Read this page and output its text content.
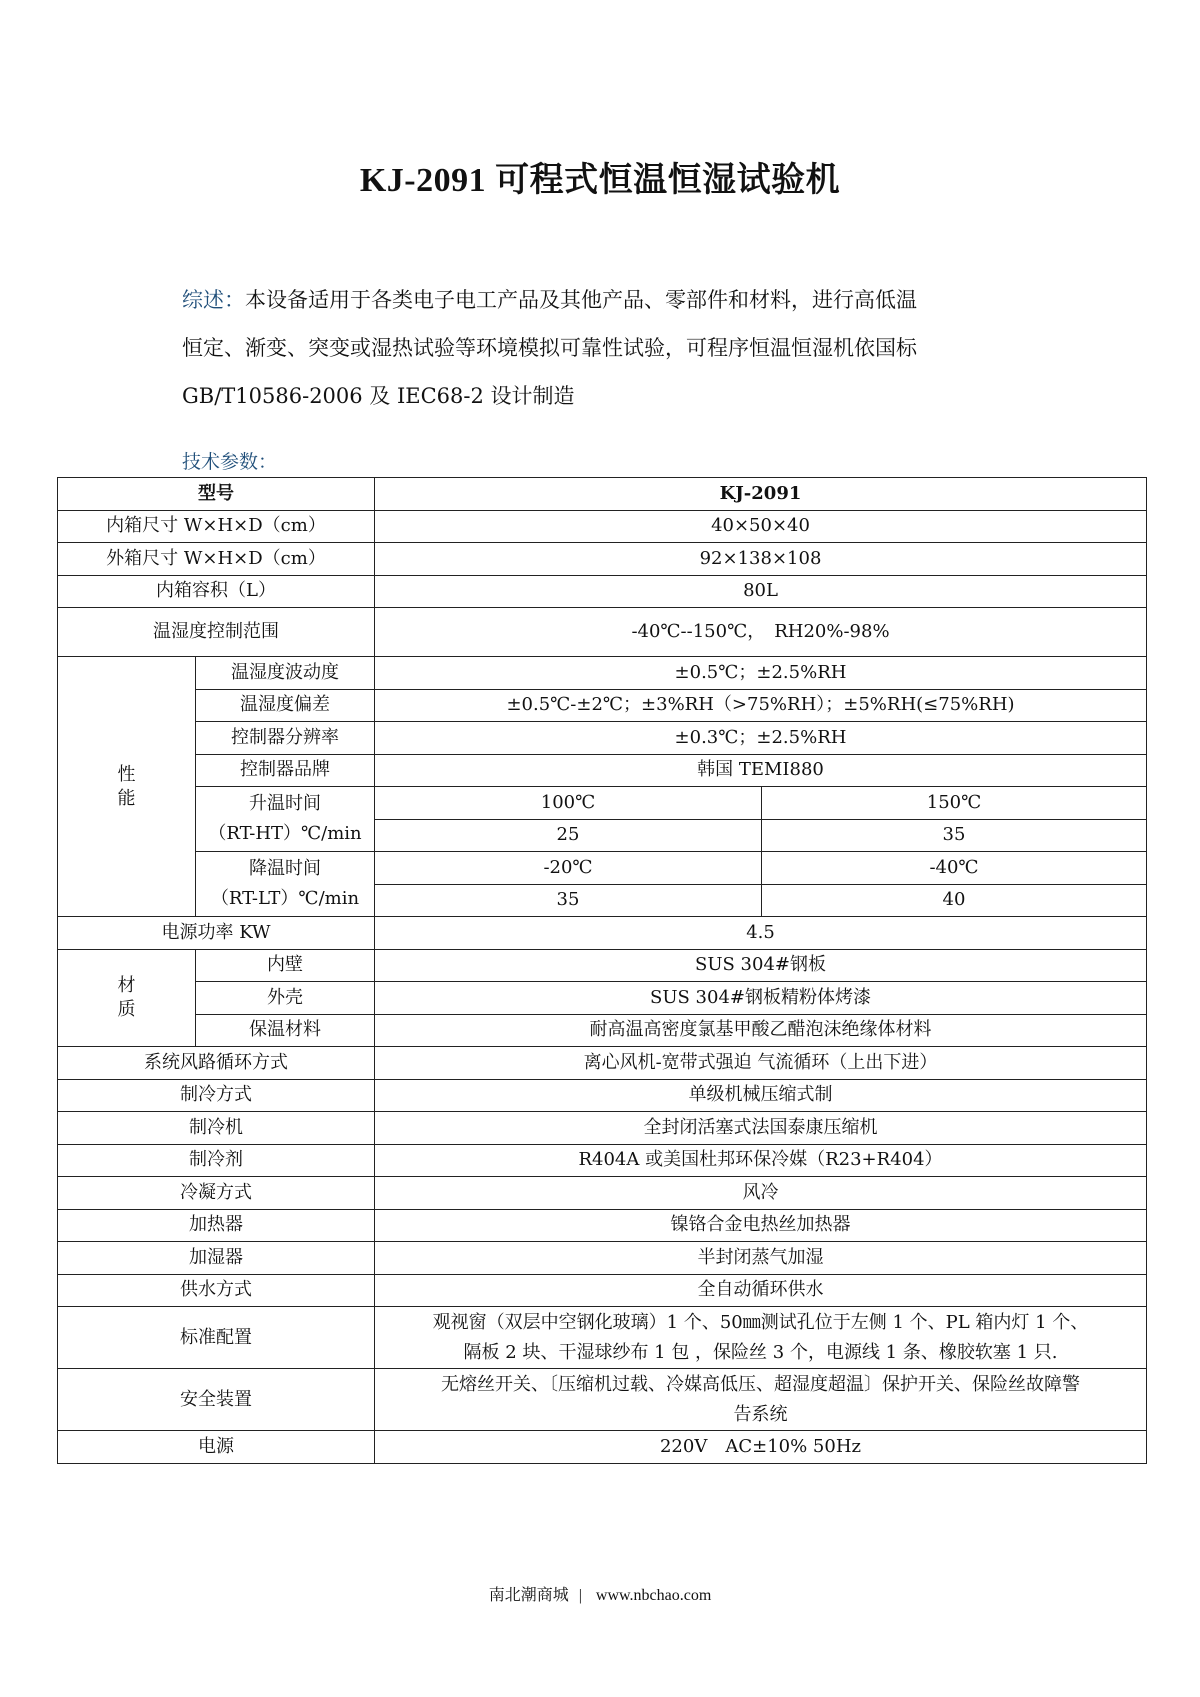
KJ-2091 可程式恒温恒湿试验机
综述：本设备适用于各类电子电工产品及其他产品、零部件和材料，进行高低温
恒定、渐变、突变或湿热试验等环境模拟可靠性试验，可程序恒温恒湿机依国标
GB/T10586-2006 及 IEC68-2 设计制造
技术参数：
型号		KJ-2091	
内箱尺寸 W×H×D（cm）		40×50×40	
外箱尺寸 W×H×D（cm）		92×138×108	
内箱容积（L）		80L	
温湿度控制范围		-40℃--150℃，　RH20%-98%	
性能	温湿度波动度	±0.5℃；±2.5%RH	
	温湿度偏差	±0.5℃-±2℃；±3%RH（>75%RH）；±5%RH(≤75%RH)	
	控制器分辨率	±0.3℃；±2.5%RH	
	控制器品牌	韩国 TEMI880	
	升温时间
（RT-HT）℃/min	100℃	150℃
		25	35
	降温时间
（RT-LT）℃/min	-20℃	-40℃
		35	40
电源功率 KW		4.5	
材质	内壁	SUS 304#钢板	
	外壳	SUS 304#钢板精粉体烤漆	
	保温材料	耐高温高密度氯基甲酸乙醋泡沫绝缘体材料	
系统风路循环方式		离心风机-宽带式强迫 气流循环（上出下进）	
制冷方式		单级机械压缩式制	
制冷机		全封闭活塞式法国泰康压缩机	
制冷剂		R404A 或美国杜邦环保冷媒（R23+R404）	
冷凝方式		风冷	
加热器		镍铬合金电热丝加热器	
加湿器		半封闭蒸气加湿	
供水方式		全自动循环供水	
标准配置		观视窗（双层中空钢化玻璃）1 个、50㎜测试孔位于左侧 1 个、PL 箱内灯 1 个、
隔板 2 块、干湿球纱布 1 包 ，保险丝 3 个，电源线 1 条、橡胶软塞 1 只.	
安全装置		无熔丝开关、〔压缩机过载、冷媒高低压、超湿度超温〕保护开关、保险丝故障警
告系统	
电源		220V　AC±10% 50Hz	
南北潮商城 | www.nbchao.com
